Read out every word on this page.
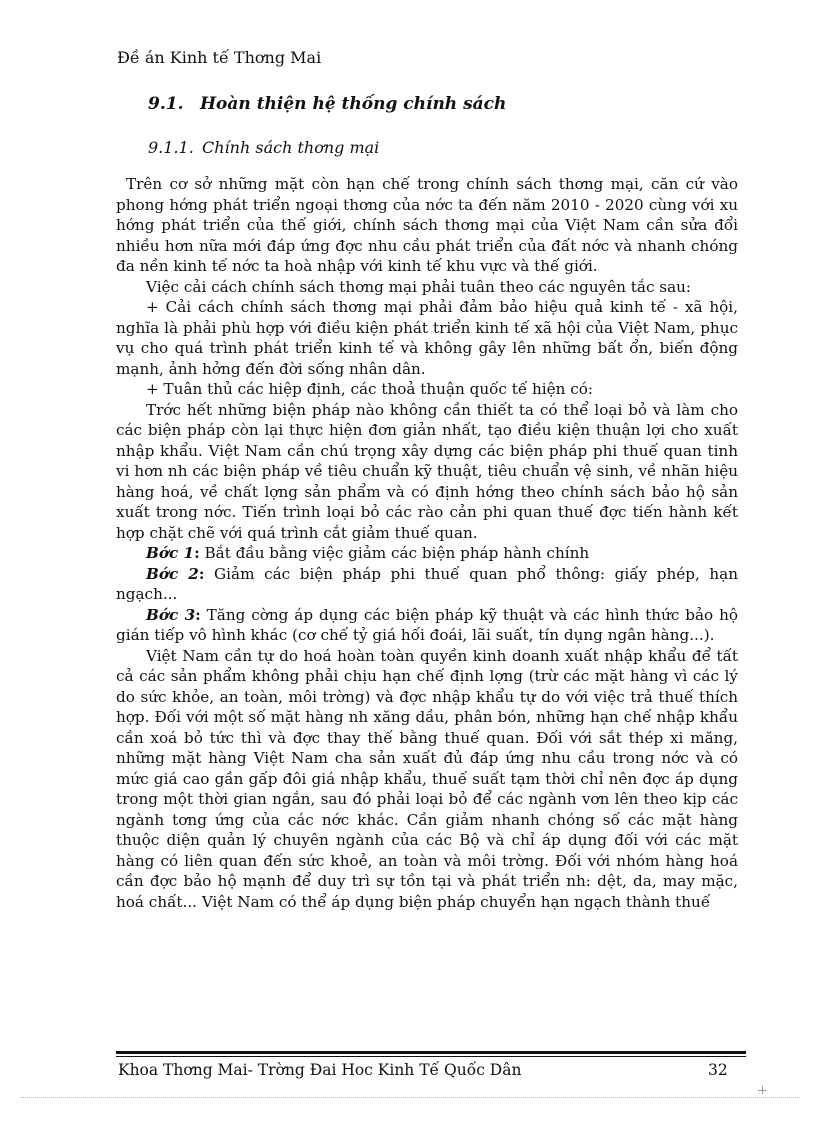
Đề án Kinh tế Thơng Mai
9.1. Hoàn thiện hệ thống chính sách
9.1.1. Chính sách thơng mại

Trên cơ sở những mặt còn hạn chế trong chính sách thơng mại, căn cứ vào phong hớng phát triển ngoại thơng của nớc ta đến năm 2010 - 2020 cùng với xu hớng phát triển của thế giới, chính sách thơng mại của Việt Nam cần sửa đổi nhiều hơn nữa mới đáp ứng đợc nhu cầu phát triển của đất nớc và nhanh chóng đa nền kinh tế nớc ta hoà nhập với kinh tế khu vực và thế giới.

Việc cải cách chính sách thơng mại phải tuân theo các nguyên tắc sau:

+ Cải cách chính sách thơng mại phải đảm bảo hiệu quả kinh tế - xã hội, nghĩa là phải phù hợp với điều kiện phát triển kinh tế xã hội của Việt Nam, phục vụ cho quá trình phát triển kinh tế và không gây lên những bất ổn, biến động mạnh, ảnh hởng đến đời sống nhân dân.

+ Tuân thủ các hiệp định, các thoả thuận quốc tế hiện có:

Trớc hết những biện pháp nào không cần thiết ta có thể loại bỏ và làm cho các biện pháp còn lại thực hiện đơn giản nhất, tạo điều kiện thuận lợi cho xuất nhập khẩu. Việt Nam cần chú trọng xây dựng các biện pháp phi thuế quan tinh vi hơn nh các biện pháp về tiêu chuẩn kỹ thuật, tiêu chuẩn vệ sinh, về nhãn hiệu hàng hoá, về chất lợng sản phẩm và có định hớng theo chính sách bảo hộ sản xuất trong nớc. Tiến trình loại bỏ các rào cản phi quan thuế đợc tiến hành kết hợp chặt chẽ với quá trình cắt giảm thuế quan.

Bớc 1: Bắt đầu bằng việc giảm các biện pháp hành chính

Bớc 2: Giảm các biện pháp phi thuế quan phổ thông: giấy phép, hạn ngạch...

Bớc 3: Tăng cờng áp dụng các biện pháp kỹ thuật và các hình thức bảo hộ gián tiếp vô hình khác (cơ chế tỷ giá hối đoái, lãi suất, tín dụng ngân hàng...).

Việt Nam cần tự do hoá hoàn toàn quyền kinh doanh xuất nhập khẩu để tất cả các sản phẩm không phải chịu hạn chế định lợng (trừ các mặt hàng vì các lý do sức khỏe, an toàn, môi trờng) và đợc nhập khẩu tự do với việc trả thuế thích hợp. Đối với một số mặt hàng nh xăng dầu, phân bón, những hạn chế nhập khẩu cần xoá bỏ tức thì và đợc thay thế bằng thuế quan. Đối với sắt thép xi măng, những mặt hàng Việt Nam cha sản xuất đủ đáp ứng nhu cầu trong nớc và có mức giá cao gần gấp đôi giá nhập khẩu, thuế suất tạm thời chỉ nên đợc áp dụng trong một thời gian ngắn, sau đó phải loại bỏ để các ngành vơn lên theo kịp các ngành tơng ứng của các nớc khác. Cần giảm nhanh chóng số các mặt hàng thuộc diện quản lý chuyên ngành của các Bộ và chỉ áp dụng đối với các mặt hàng có liên quan đến sức khoẻ, an toàn và môi trờng. Đối với nhóm hàng hoá cần đợc bảo hộ mạnh để duy trì sự tồn tại và phát triển nh: dệt, da, may mặc, hoá chất... Việt Nam có thể áp dụng biện pháp chuyển hạn ngạch thành thuế

Khoa Thơng Mai- Trờng Đai Hoc Kinh Tế Quốc Dân	32
